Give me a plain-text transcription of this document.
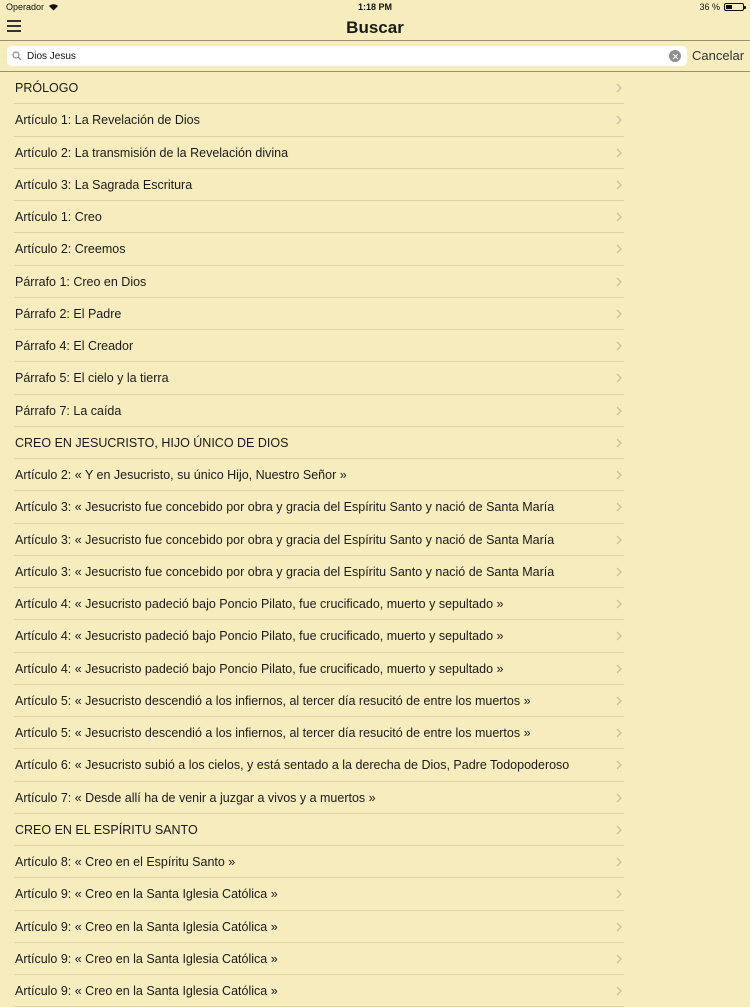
Operador	1:18 PM	36 %
Buscar
Dios Jesus
Cancelar
PRÓLOGO
Artículo 1: La Revelación de Dios
Artículo 2: La transmisión de la Revelación divina
Artículo 3: La Sagrada Escritura
Artículo 1: Creo
Artículo 2: Creemos
Párrafo 1: Creo en Dios
Párrafo 2: El Padre
Párrafo 4: El Creador
Párrafo 5: El cielo y la tierra
Párrafo 7: La caída
CREO EN JESUCRISTO, HIJO ÚNICO DE DIOS
Artículo 2: « Y en Jesucristo, su único Hijo, Nuestro Señor »
Artículo 3: « Jesucristo fue concebido por obra y gracia del Espíritu Santo y nació de Santa María
Artículo 3: « Jesucristo fue concebido por obra y gracia del Espíritu Santo y nació de Santa María
Artículo 3: « Jesucristo fue concebido por obra y gracia del Espíritu Santo y nació de Santa María
Artículo 4: « Jesucristo padeció bajo Poncio Pilato, fue crucificado, muerto y sepultado »
Artículo 4: « Jesucristo padeció bajo Poncio Pilato, fue crucificado, muerto y sepultado »
Artículo 4: « Jesucristo padeció bajo Poncio Pilato, fue crucificado, muerto y sepultado »
Artículo 5: « Jesucristo descendió a los infiernos, al tercer día resucitó de entre los muertos »
Artículo 5: « Jesucristo descendió a los infiernos, al tercer día resucitó de entre los muertos »
Artículo 6: « Jesucristo subió a los cielos, y está sentado a la derecha de Dios, Padre Todopoderoso
Artículo 7: « Desde allí ha de venir a juzgar a vivos y a muertos »
CREO EN EL ESPÍRITU SANTO
Artículo 8: « Creo en el Espíritu Santo »
Artículo 9: « Creo en la Santa Iglesia Católica »
Artículo 9: « Creo en la Santa Iglesia Católica »
Artículo 9: « Creo en la Santa Iglesia Católica »
Artículo 9: « Creo en la Santa Iglesia Católica »
